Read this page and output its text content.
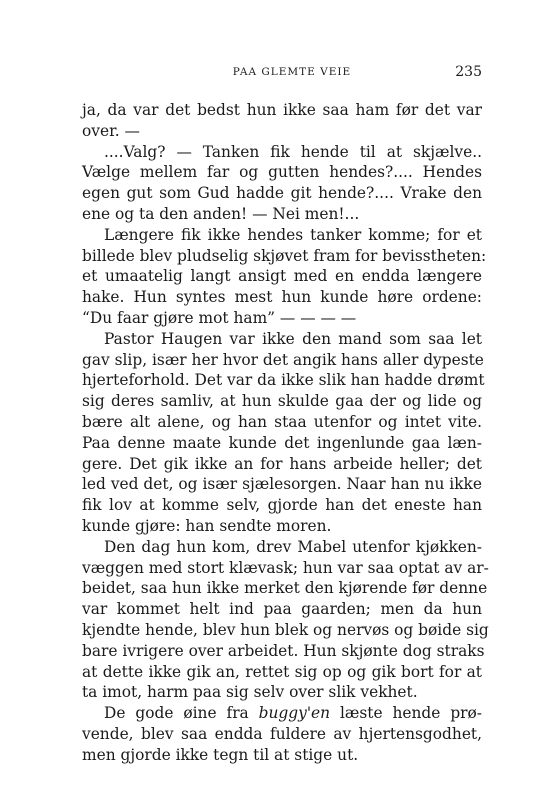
PAA GLEMTE VEIE	235

ja, da var det bedst hun ikke saa ham før det var
over. —

....Valg? — Tanken fik hende til at skjælve..
Vælge mellem far og gutten hendes?.... Hendes
egen gut som Gud hadde git hende?.... Vrake den
ene og ta den anden! — Nei men!...

Længere fik ikke hendes tanker komme; for et
billede blev pludselig skjøvet fram for bevisstheten:
et umaatelig langt ansigt med en endda længere
hake. Hun syntes mest hun kunde høre ordene:
“Du faar gjøre mot ham” — — — —

Pastor Haugen var ikke den mand som saa let
gav slip, især her hvor det angik hans aller dypeste
hjerteforhold. Det var da ikke slik han hadde drømt
sig deres samliv, at hun skulde gaa der og lide og
bære alt alene, og han staa utenfor og intet vite.
Paa denne maate kunde det ingenlunde gaa læn-
gere. Det gik ikke an for hans arbeide heller; det
led ved det, og især sjælesorgen. Naar han nu ikke
fik lov at komme selv, gjorde han det eneste han
kunde gjøre: han sendte moren.

Den dag hun kom, drev Mabel utenfor kjøkken-
væggen med stort klævask; hun var saa optat av ar-
beidet, saa hun ikke merket den kjørende før denne
var kommet helt ind paa gaarden; men da hun
kjendte hende, blev hun blek og nervøs og bøide sig
bare ivrigere over arbeidet. Hun skjønte dog straks
at dette ikke gik an, rettet sig op og gik bort for at
ta imot, harm paa sig selv over slik vekhet.

De gode øine fra buggy'en læste hende prø-
vende, blev saa endda fuldere av hjertensgodhet,
men gjorde ikke tegn til at stige ut.
